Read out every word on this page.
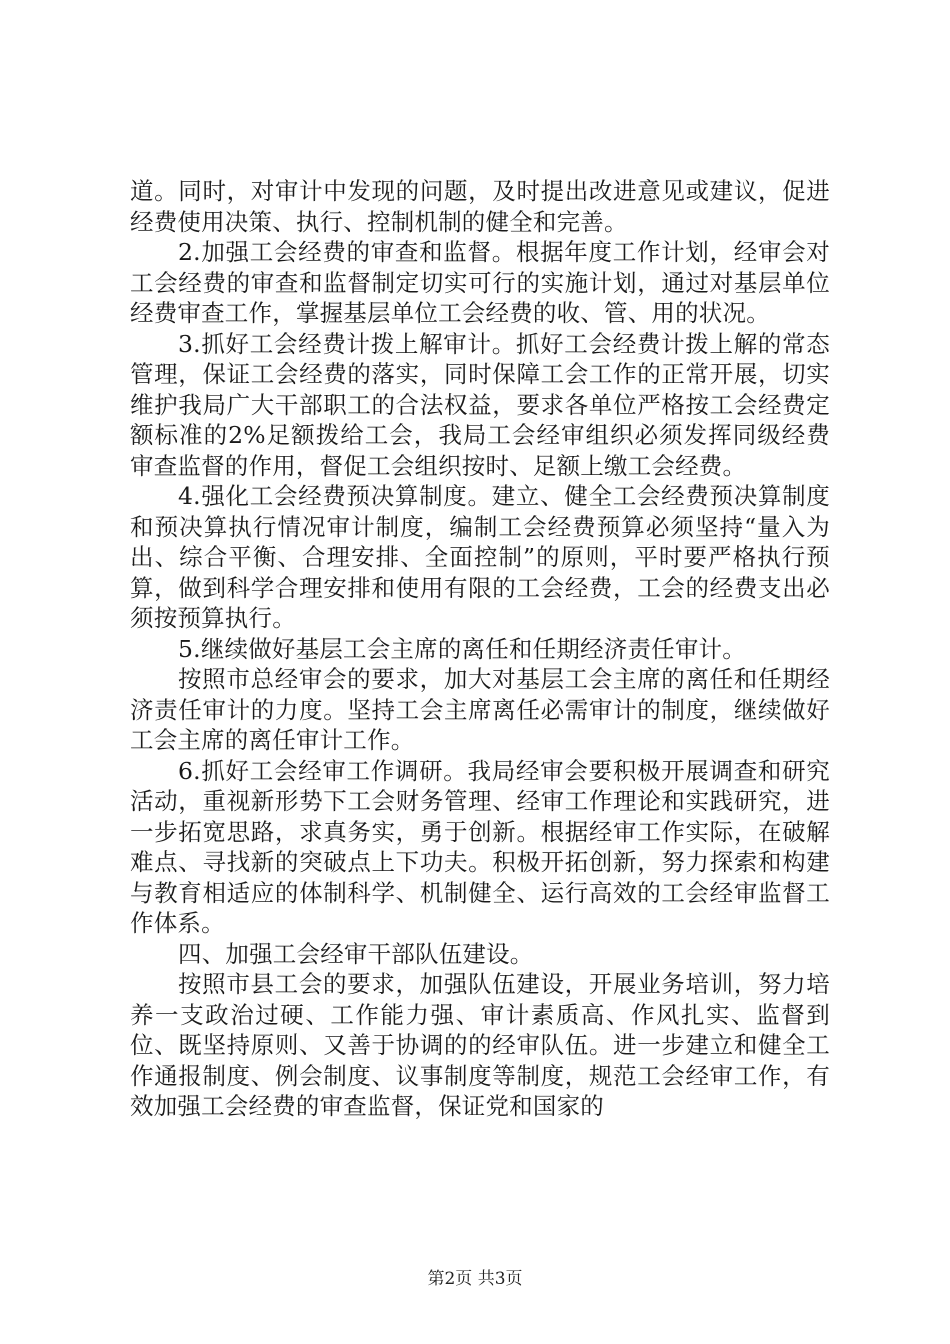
道。同时，对审计中发现的问题，及时提出改进意见或建议，促进经费使用决策、执行、控制机制的健全和完善。

2.加强工会经费的审查和监督。根据年度工作计划，经审会对工会经费的审查和监督制定切实可行的实施计划，通过对基层单位经费审查工作，掌握基层单位工会经费的收、管、用的状况。

3.抓好工会经费计拨上解审计。抓好工会经费计拨上解的常态管理，保证工会经费的落实，同时保障工会工作的正常开展，切实维护我局广大干部职工的合法权益，要求各单位严格按工会经费定额标准的2%足额拨给工会，我局工会经审组织必须发挥同级经费审查监督的作用，督促工会组织按时、足额上缴工会经费。

4.强化工会经费预决算制度。建立、健全工会经费预决算制度和预决算执行情况审计制度，编制工会经费预算必须坚持“量入为出、综合平衡、合理安排、全面控制”的原则，平时要严格执行预算，做到科学合理安排和使用有限的工会经费，工会的经费支出必须按预算执行。

5.继续做好基层工会主席的离任和任期经济责任审计。

按照市总经审会的要求，加大对基层工会主席的离任和任期经济责任审计的力度。坚持工会主席离任必需审计的制度，继续做好工会主席的离任审计工作。

6.抓好工会经审工作调研。我局经审会要积极开展调查和研究活动，重视新形势下工会财务管理、经审工作理论和实践研究，进一步拓宽思路，求真务实，勇于创新。根据经审工作实际，在破解难点、寻找新的突破点上下功夫。积极开拓创新，努力探索和构建与教育相适应的体制科学、机制健全、运行高效的工会经审监督工作体系。

四、加强工会经审干部队伍建设。

按照市县工会的要求，加强队伍建设，开展业务培训，努力培养一支政治过硬、工作能力强、审计素质高、作风扎实、监督到位、既坚持原则、又善于协调的的经审队伍。进一步建立和健全工作通报制度、例会制度、议事制度等制度，规范工会经审工作，有效加强工会经费的审查监督，保证党和国家的

第2页 共3页
